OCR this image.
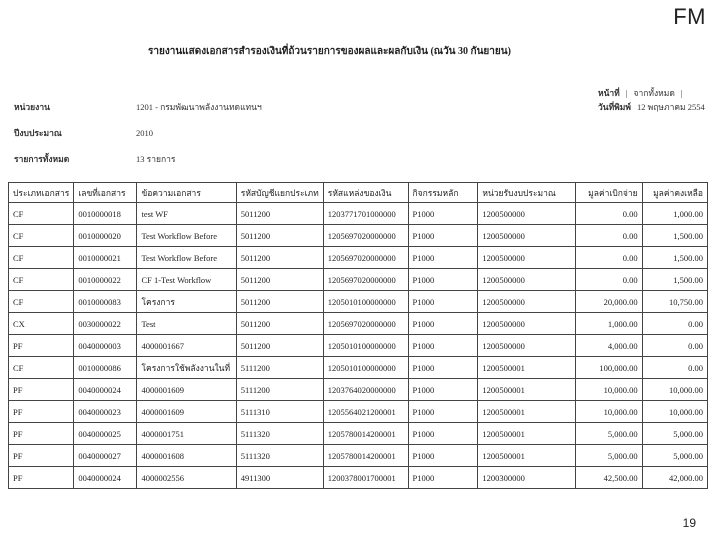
FM
รายงานแสดงเอกสารสำรองเงินที่ถ้วนรายการของผลและผลกับเงิน (ณวัน 30 กันยายน)
หน้าที่ | จากทั้งหมด |
วันที่พิมพ์ 12 พฤษภาคม 2554
หน่วยงาน	1201 - กรมพัฒนาพลังงานทดแทนฯ
ปีงบประมาณ	2010
รายการทั้งหมด	13 รายการ
ประเภทเอกสาร	เลขที่เอกสาร	ข้อความเอกสาร	รหัสบัญชีแยกประเภท	รหัสแหล่งของเงิน	กิจกรรมหลัก	หน่วยรับงบประมาณ	มูลค่าเบิกจ่าย	มูลค่าคงเหลือ
CF	0010000018	test WF	5011200	1203771701000000	P1000	1200500000	0.00	1,000.00
CF	0010000020	Test Workflow Before	5011200	1205697020000000	P1000	1200500000	0.00	1,500.00
CF	0010000021	Test Workflow Before	5011200	1205697020000000	P1000	1200500000	0.00	1,500.00
CF	0010000022	CF 1-Test Workflow	5011200	1205697020000000	P1000	1200500000	0.00	1,500.00
CF	0010000083	โครงการ	5011200	1205010100000000	P1000	1200500000	20,000.00	10,750.00
CX	0030000022	Test	5011200	1205697020000000	P1000	1200500000	1,000.00	0.00
PF	0040000003	4000001667	5011200	1205010100000000	P1000	1200500000	4,000.00	0.00
CF	0010000086	โครงการใช้พลังงานในที่	5111200	1205010100000000	P1000	1200500001	100,000.00	0.00
PF	0040000024	4000001609	5111200	1203764020000000	P1000	1200500001	10,000.00	10,000.00
PF	0040000023	4000001609	5111310	1205564021200001	P1000	1200500001	10,000.00	10,000.00
PF	0040000025	4000001751	5111320	1205780014200001	P1000	1200500001	5,000.00	5,000.00
PF	0040000027	4000001608	5111320	1205780014200001	P1000	1200500001	5,000.00	5,000.00
PF	0040000024	4000002556	4911300	1200378001700001	P1000	1200300000	42,500.00	42,000.00
19
